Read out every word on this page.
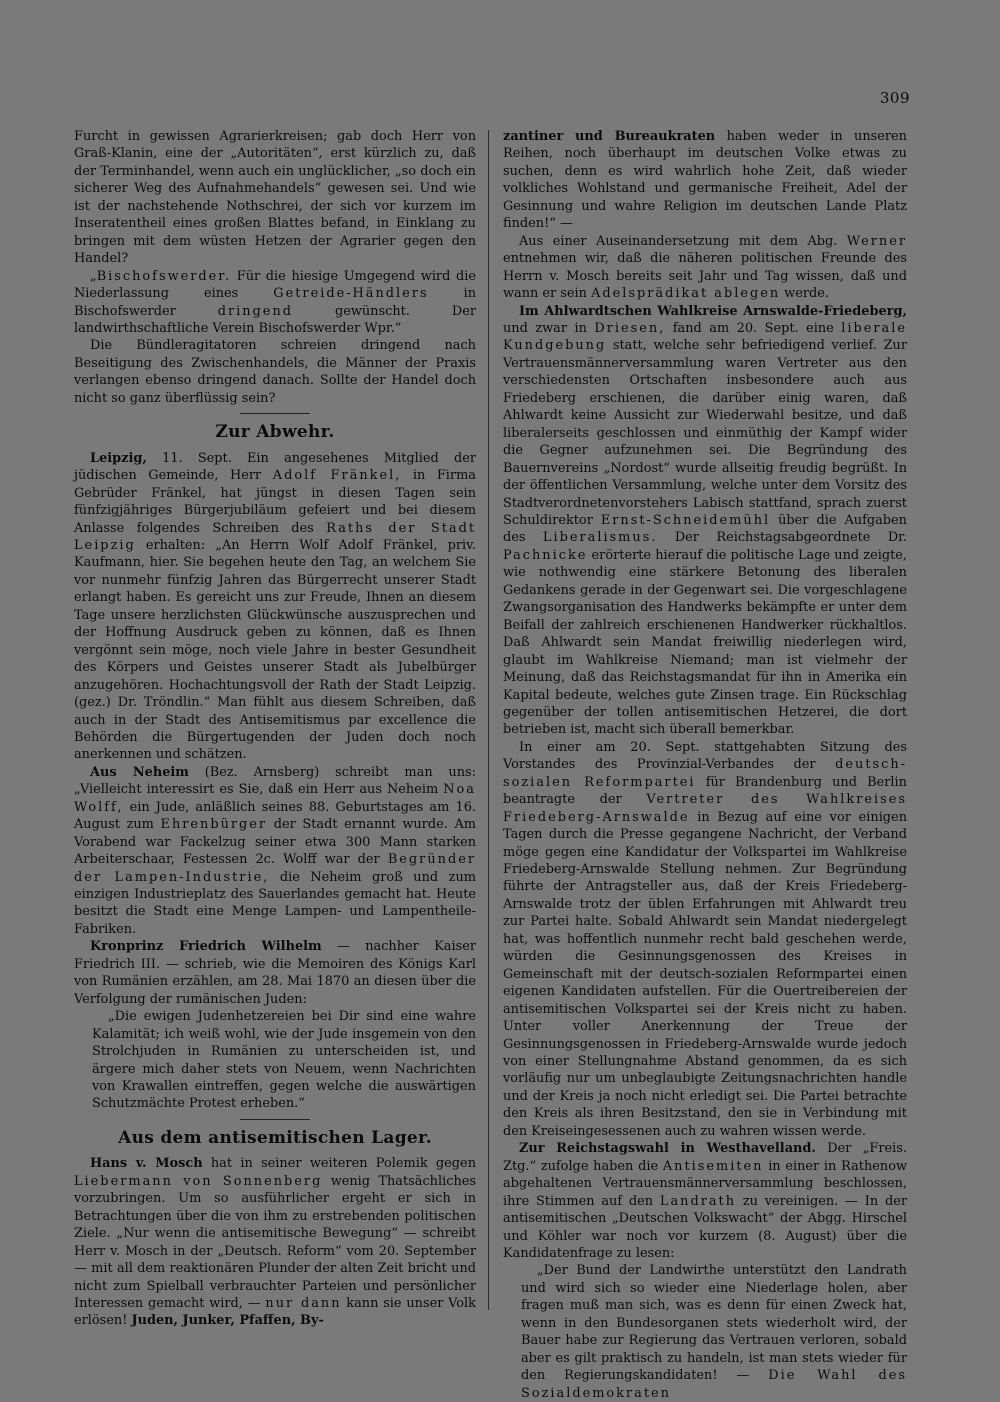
309

Furcht in gewissen Agrarierkreisen; gab doch Herr von Graß-Klanin, eine der „Autoritäten“, erst kürzlich zu, daß der Terminhandel, wenn auch ein unglücklicher, „so doch ein sicherer Weg des Aufnahmehandels“ gewesen sei. Und wie ist der nachstehende Nothschrei, der sich vor kurzem im Inseratentheil eines großen Blattes befand, in Einklang zu bringen mit dem wüsten Hetzen der Agrarier gegen den Handel?

„Bischofswerder. Für die hiesige Umgegend wird die Niederlassung eines Getreide-Händlers in Bischofswerder dringend gewünscht. Der landwirthschaftliche Verein Bischofswerder Wpr.“

Die Bündleragitatoren schreien dringend nach Beseitigung des Zwischenhandels, die Männer der Praxis verlangen ebenso dringend danach. Sollte der Handel doch nicht so ganz überflüssig sein?

Zur Abwehr.

Leipzig, 11. Sept. Ein angesehenes Mitglied der jüdischen Gemeinde, Herr Adolf Fränkel, in Firma Gebrüder Fränkel, hat jüngst in diesen Tagen sein fünfzigjähriges Bürgerjubiläum gefeiert und bei diesem Anlasse folgendes Schreiben des Raths der Stadt Leipzig erhalten: „An Herrn Wolf Adolf Fränkel, priv. Kaufmann, hier. Sie begehen heute den Tag, an welchem Sie vor nunmehr fünfzig Jahren das Bürgerrecht unserer Stadt erlangt haben. Es gereicht uns zur Freude, Ihnen an diesem Tage unsere herzlichsten Glückwünsche auszusprechen und der Hoffnung Ausdruck geben zu können, daß es Ihnen vergönnt sein möge, noch viele Jahre in bester Gesundheit des Körpers und Geistes unserer Stadt als Jubelbürger anzugehören. Hochachtungsvoll der Rath der Stadt Leipzig. (gez.) Dr. Tröndlin.“ Man fühlt aus diesem Schreiben, daß auch in der Stadt des Antisemitismus par excellence die Behörden die Bürgertugenden der Juden doch noch anerkennen und schätzen.

Aus Neheim (Bez. Arnsberg) schreibt man uns: „Vielleicht interessirt es Sie, daß ein Herr aus Neheim Noa Wolff, ein Jude, anläßlich seines 88. Geburtstages am 16. August zum Ehrenbürger der Stadt ernannt wurde. Am Vorabend war Fackelzug seiner etwa 300 Mann starken Arbeiterschaar, Festessen 2c. Wolff war der Begründer der Lampen-Industrie, die Neheim groß und zum einzigen Industrieplatz des Sauerlandes gemacht hat. Heute besitzt die Stadt eine Menge Lampen- und Lampentheile-Fabriken.

Kronprinz Friedrich Wilhelm — nachher Kaiser Friedrich III. — schrieb, wie die Memoiren des Königs Karl von Rumänien erzählen, am 28. Mai 1870 an diesen über die Verfolgung der rumänischen Juden:

„Die ewigen Judenhetzereien bei Dir sind eine wahre Kalamität; ich weiß wohl, wie der Jude insgemein von den Strolchjuden in Rumänien zu unterscheiden ist, und ärgere mich daher stets von Neuem, wenn Nachrichten von Krawallen eintreffen, gegen welche die auswärtigen Schutzmächte Protest erheben.“

Aus dem antisemitischen Lager.

Hans v. Mosch hat in seiner weiteren Polemik gegen Liebermann von Sonnenberg wenig Thatsächliches vorzubringen. Um so ausführlicher ergeht er sich in Betrachtungen über die von ihm zu erstrebenden politischen Ziele. „Nur wenn die antisemitische Bewegung“ — schreibt Herr v. Mosch in der „Deutsch. Reform“ vom 20. September — mit all dem reaktionären Plunder der alten Zeit bricht und nicht zum Spielball verbrauchter Parteien und persönlicher Interessen gemacht wird, — nur dann kann sie unser Volk erlösen! Juden, Junker, Pfaffen, By-

zantiner und Bureaukraten haben weder in unseren Reihen, noch überhaupt im deutschen Volke etwas zu suchen, denn es wird wahrlich hohe Zeit, daß wieder volkliches Wohlstand und germanische Freiheit, Adel der Gesinnung und wahre Religion im deutschen Lande Platz finden!“ —

Aus einer Auseinandersetzung mit dem Abg. Werner entnehmen wir, daß die näheren politischen Freunde des Herrn v. Mosch bereits seit Jahr und Tag wissen, daß und wann er sein Adelsprädikat ablegen werde.

Im Ahlwardtschen Wahlkreise Arnswalde-Friedeberg, und zwar in Driesen, fand am 20. Sept. eine liberale Kundgebung statt, welche sehr befriedigend verlief. Zur Vertrauensmännerversammlung waren Vertreter aus den verschiedensten Ortschaften insbesondere auch aus Friedeberg erschienen, die darüber einig waren, daß Ahlwardt keine Aussicht zur Wiederwahl besitze, und daß liberalerseits geschlossen und einmüthig der Kampf wider die Gegner aufzunehmen sei. Die Begründung des Bauernvereins „Nordost“ wurde allseitig freudig begrüßt. In der öffentlichen Versammlung, welche unter dem Vorsitz des Stadtverordnetenvorstehers Labisch stattfand, sprach zuerst Schuldirektor Ernst-Schneidemühl über die Aufgaben des Liberalismus. Der Reichstagsabgeordnete Dr. Pachnicke erörterte hierauf die politische Lage und zeigte, wie nothwendig eine stärkere Betonung des liberalen Gedankens gerade in der Gegenwart sei. Die vorgeschlagene Zwangsorganisation des Handwerks bekämpfte er unter dem Beifall der zahlreich erschienenen Handwerker rückhaltlos. Daß Ahlwardt sein Mandat freiwillig niederlegen wird, glaubt im Wahlkreise Niemand; man ist vielmehr der Meinung, daß das Reichstagsmandat für ihn in Amerika ein Kapital bedeute, welches gute Zinsen trage. Ein Rückschlag gegenüber der tollen antisemitischen Hetzerei, die dort betrieben ist, macht sich überall bemerkbar.

In einer am 20. Sept. stattgehabten Sitzung des Vorstandes des Provinzial-Verbandes der deutsch-sozialen Reformpartei für Brandenburg und Berlin beantragte der Vertreter des Wahlkreises Friedeberg-Arnswalde in Bezug auf eine vor einigen Tagen durch die Presse gegangene Nachricht, der Verband möge gegen eine Kandidatur der Volkspartei im Wahlkreise Friedeberg-Arnswalde Stellung nehmen. Zur Begründung führte der Antragsteller aus, daß der Kreis Friedeberg-Arnswalde trotz der üblen Erfahrungen mit Ahlwardt treu zur Partei halte. Sobald Ahlwardt sein Mandat niedergelegt hat, was hoffentlich nunmehr recht bald geschehen werde, würden die Gesinnungsgenossen des Kreises in Gemeinschaft mit der deutsch-sozialen Reformpartei einen eigenen Kandidaten aufstellen. Für die Ouertreibereien der antisemitischen Volkspartei sei der Kreis nicht zu haben. Unter voller Anerkennung der Treue der Gesinnungsgenossen in Friedeberg-Arnswalde wurde jedoch von einer Stellungnahme Abstand genommen, da es sich vorläufig nur um unbeglaubigte Zeitungsnachrichten handle und der Kreis ja noch nicht erledigt sei. Die Partei betrachte den Kreis als ihren Besitzstand, den sie in Verbindung mit den Kreiseingesessenen auch zu wahren wissen werde.

Zur Reichstagswahl in Westhavelland. Der „Freis. Ztg.“ zufolge haben die Antisemiten in einer in Rathenow abgehaltenen Vertrauensmännerversammlung beschlossen, ihre Stimmen auf den Landrath zu vereinigen. — In der antisemitischen „Deutschen Volkswacht“ der Abgg. Hirschel und Köhler war noch vor kurzem (8. August) über die Kandidatenfrage zu lesen:

„Der Bund der Landwirthe unterstützt den Landrath und wird sich so wieder eine Niederlage holen, aber fragen muß man sich, was es denn für einen Zweck hat, wenn in den Bundesorganen stets wiederholt wird, der Bauer habe zur Regierung das Vertrauen verloren, sobald aber es gilt praktisch zu handeln, ist man stets wieder für den Regierungskandidaten! — Die Wahl des Sozialdemokraten
